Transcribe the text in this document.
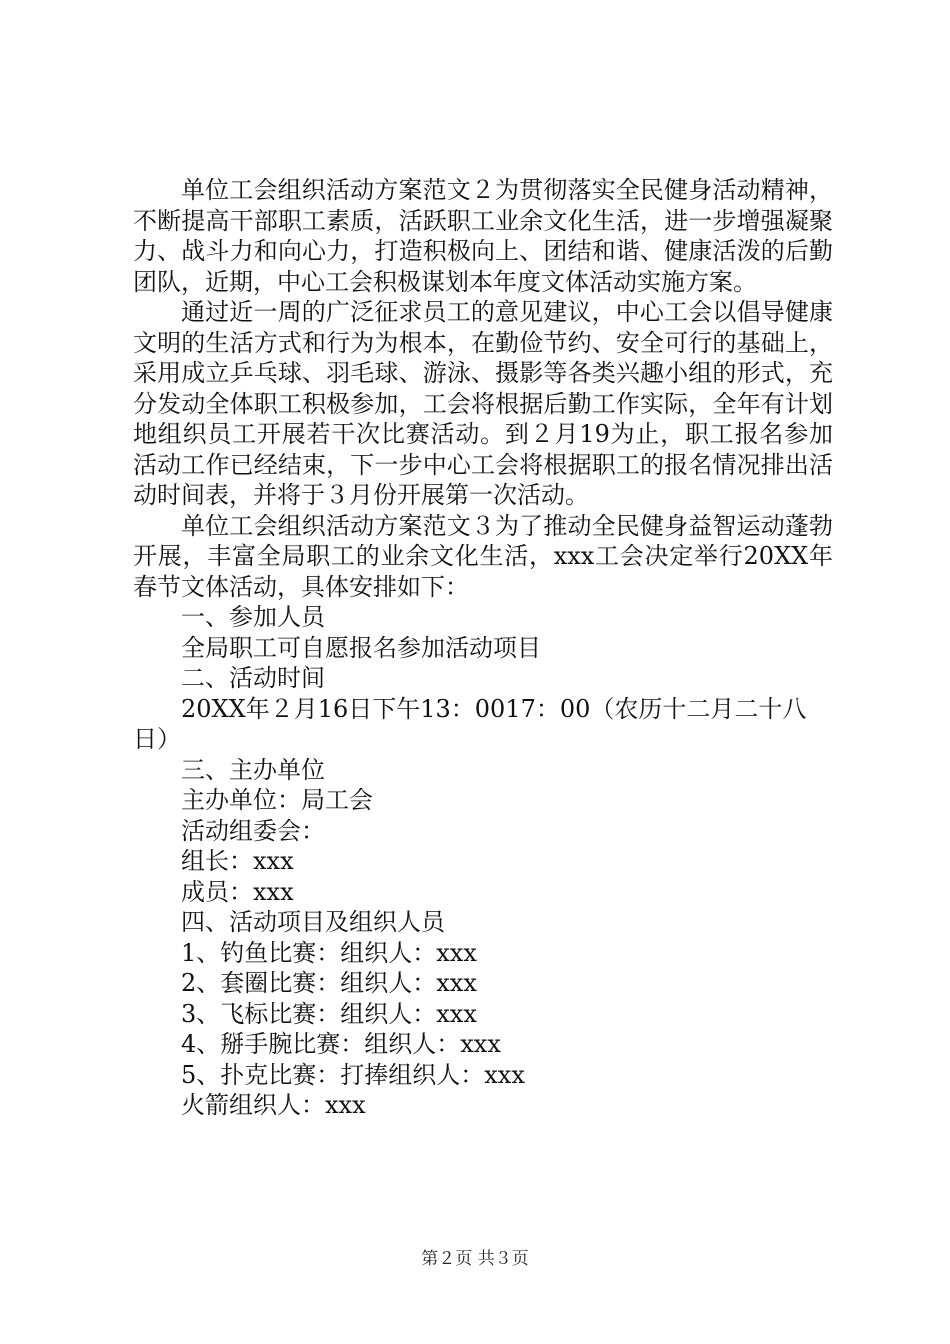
单位工会组织活动方案范文２为贯彻落实全民健身活动精神，不断提高干部职工素质，活跃职工业余文化生活，进一步增强凝聚力、战斗力和向心力，打造积极向上、团结和谐、健康活泼的后勤团队，近期，中心工会积极谋划本年度文体活动实施方案。

通过近一周的广泛征求员工的意见建议，中心工会以倡导健康文明的生活方式和行为为根本，在勤俭节约、安全可行的基础上，采用成立乒乓球、羽毛球、游泳、摄影等各类兴趣小组的形式，充分发动全体职工积极参加，工会将根据后勤工作实际，全年有计划地组织员工开展若干次比赛活动。到２月19为止，职工报名参加活动工作已经结束，下一步中心工会将根据职工的报名情况排出活动时间表，并将于３月份开展第一次活动。

单位工会组织活动方案范文３为了推动全民健身益智运动蓬勃开展，丰富全局职工的业余文化生活，xxx工会决定举行20XX年春节文体活动，具体安排如下：

一、参加人员
全局职工可自愿报名参加活动项目
二、活动时间
20XX年２月16日下午13：0017：00（农历十二月二十八日）
三、主办单位
主办单位：局工会
活动组委会：
组长：xxx
成员：xxx
四、活动项目及组织人员
1、钓鱼比赛：组织人：xxx
2、套圈比赛：组织人：xxx
3、飞标比赛：组织人：xxx
4、掰手腕比赛：组织人：xxx
5、扑克比赛：打捧组织人：xxx
火箭组织人：xxx
第２页 共３页
